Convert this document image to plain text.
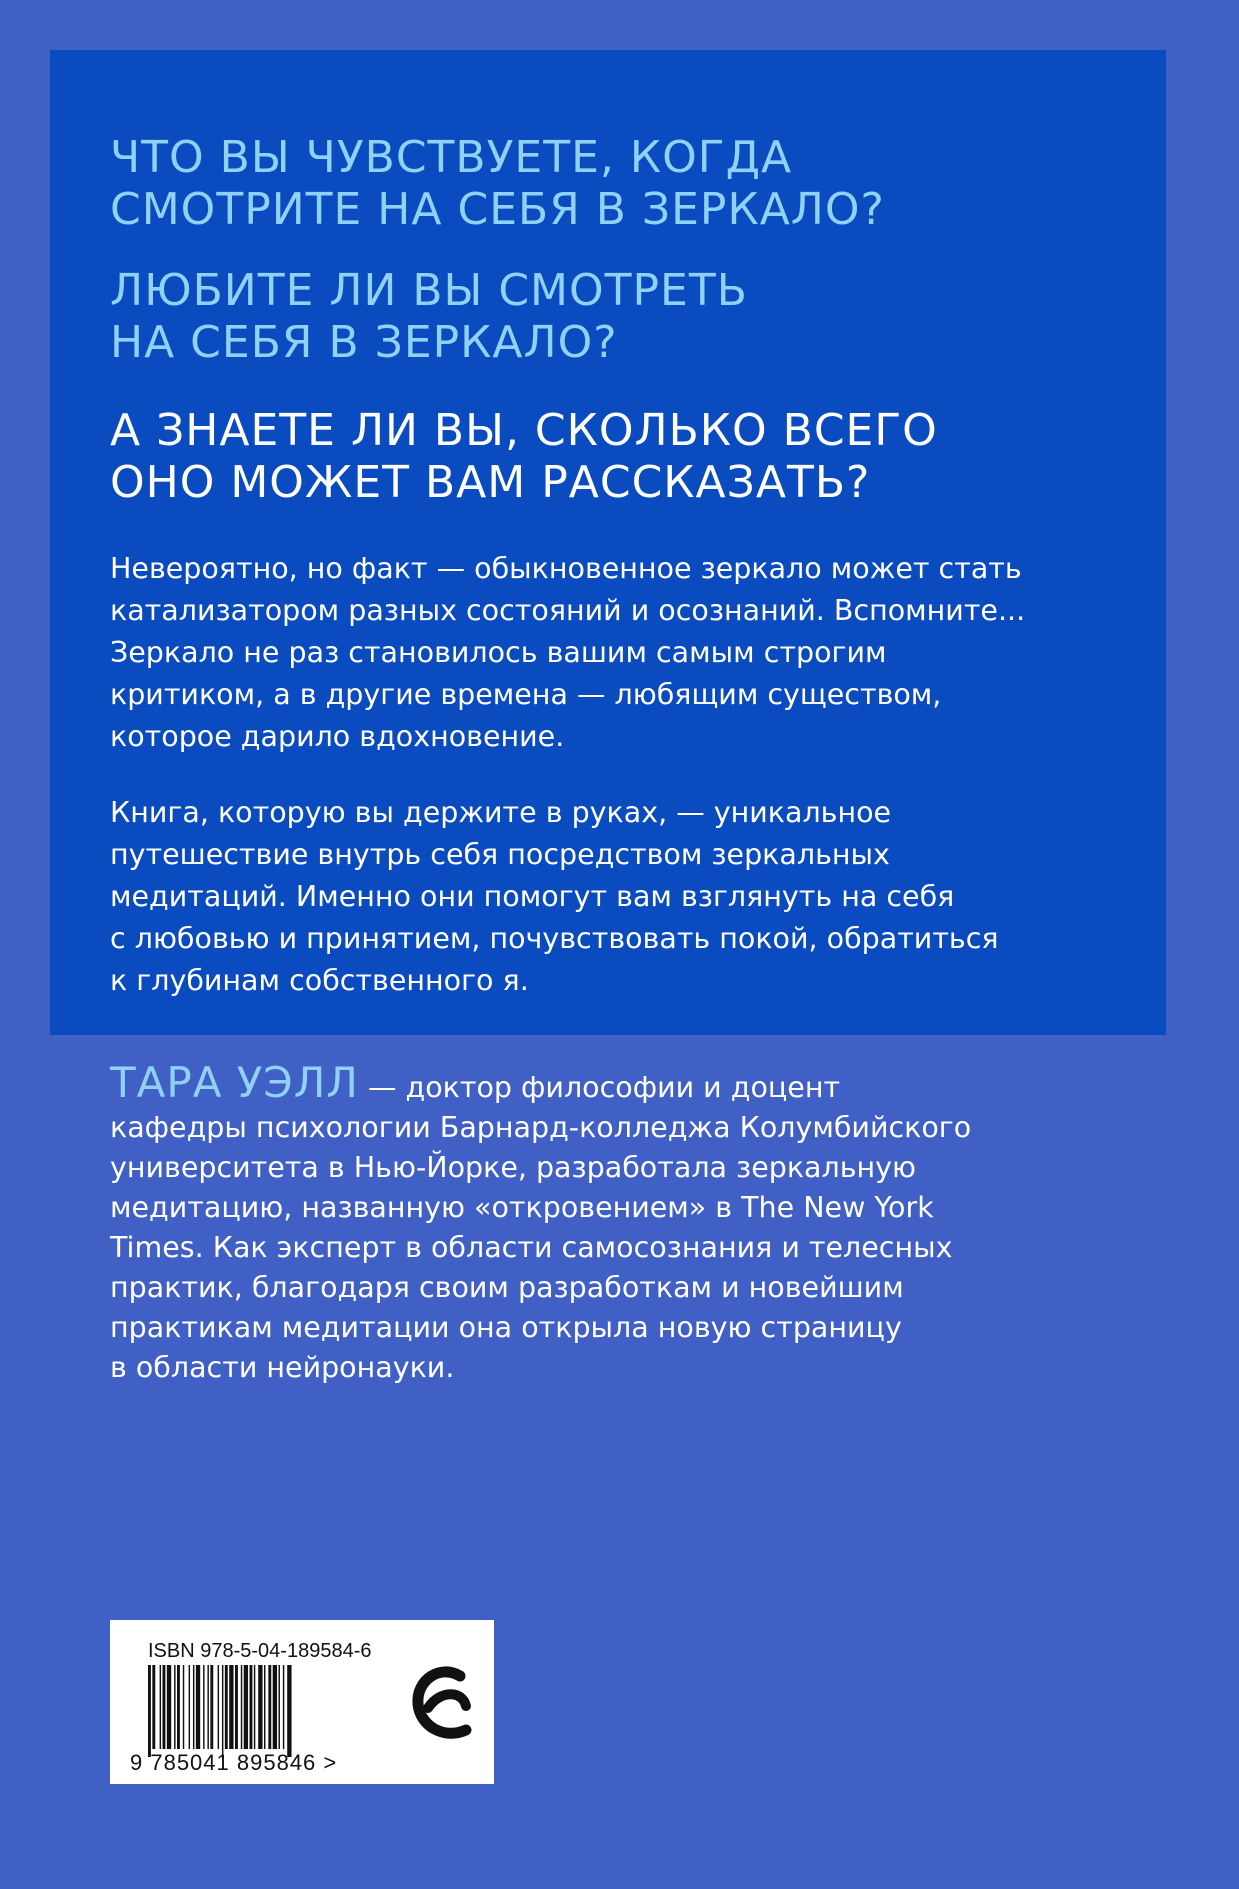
ЧТО ВЫ ЧУВСТВУЕТЕ, КОГДА
СМОТРИТЕ НА СЕБЯ В ЗЕРКАЛО?
ЛЮБИТЕ ЛИ ВЫ СМОТРЕТЬ
НА СЕБЯ В ЗЕРКАЛО?
А ЗНАЕТЕ ЛИ ВЫ, СКОЛЬКО ВСЕГО
ОНО МОЖЕТ ВАМ РАССКАЗАТЬ?

Невероятно, но факт — обыкновенное зеркало может стать
катализатором разных состояний и осознаний. Вспомните...
Зеркало не раз становилось вашим самым строгим
критиком, а в другие времена — любящим существом,
которое дарило вдохновение.

Книга, которую вы держите в руках, — уникальное
путешествие внутрь себя посредством зеркальных
медитаций. Именно они помогут вам взглянуть на себя
с любовью и принятием, почувствовать покой, обратиться
к глубинам собственного я.

ТАРА УЭЛЛ — доктор философии и доцент
кафедры психологии Барнард-колледжа Колумбийского
университета в Нью-Йорке, разработала зеркальную
медитацию, названную «откровением» в The New York
Times. Как эксперт в области самосознания и телесных
практик, благодаря своим разработкам и новейшим
практикам медитации она открыла новую страницу
в области нейронауки.

ISBN 978-5-04-189584-6
9 785041 895846 >
